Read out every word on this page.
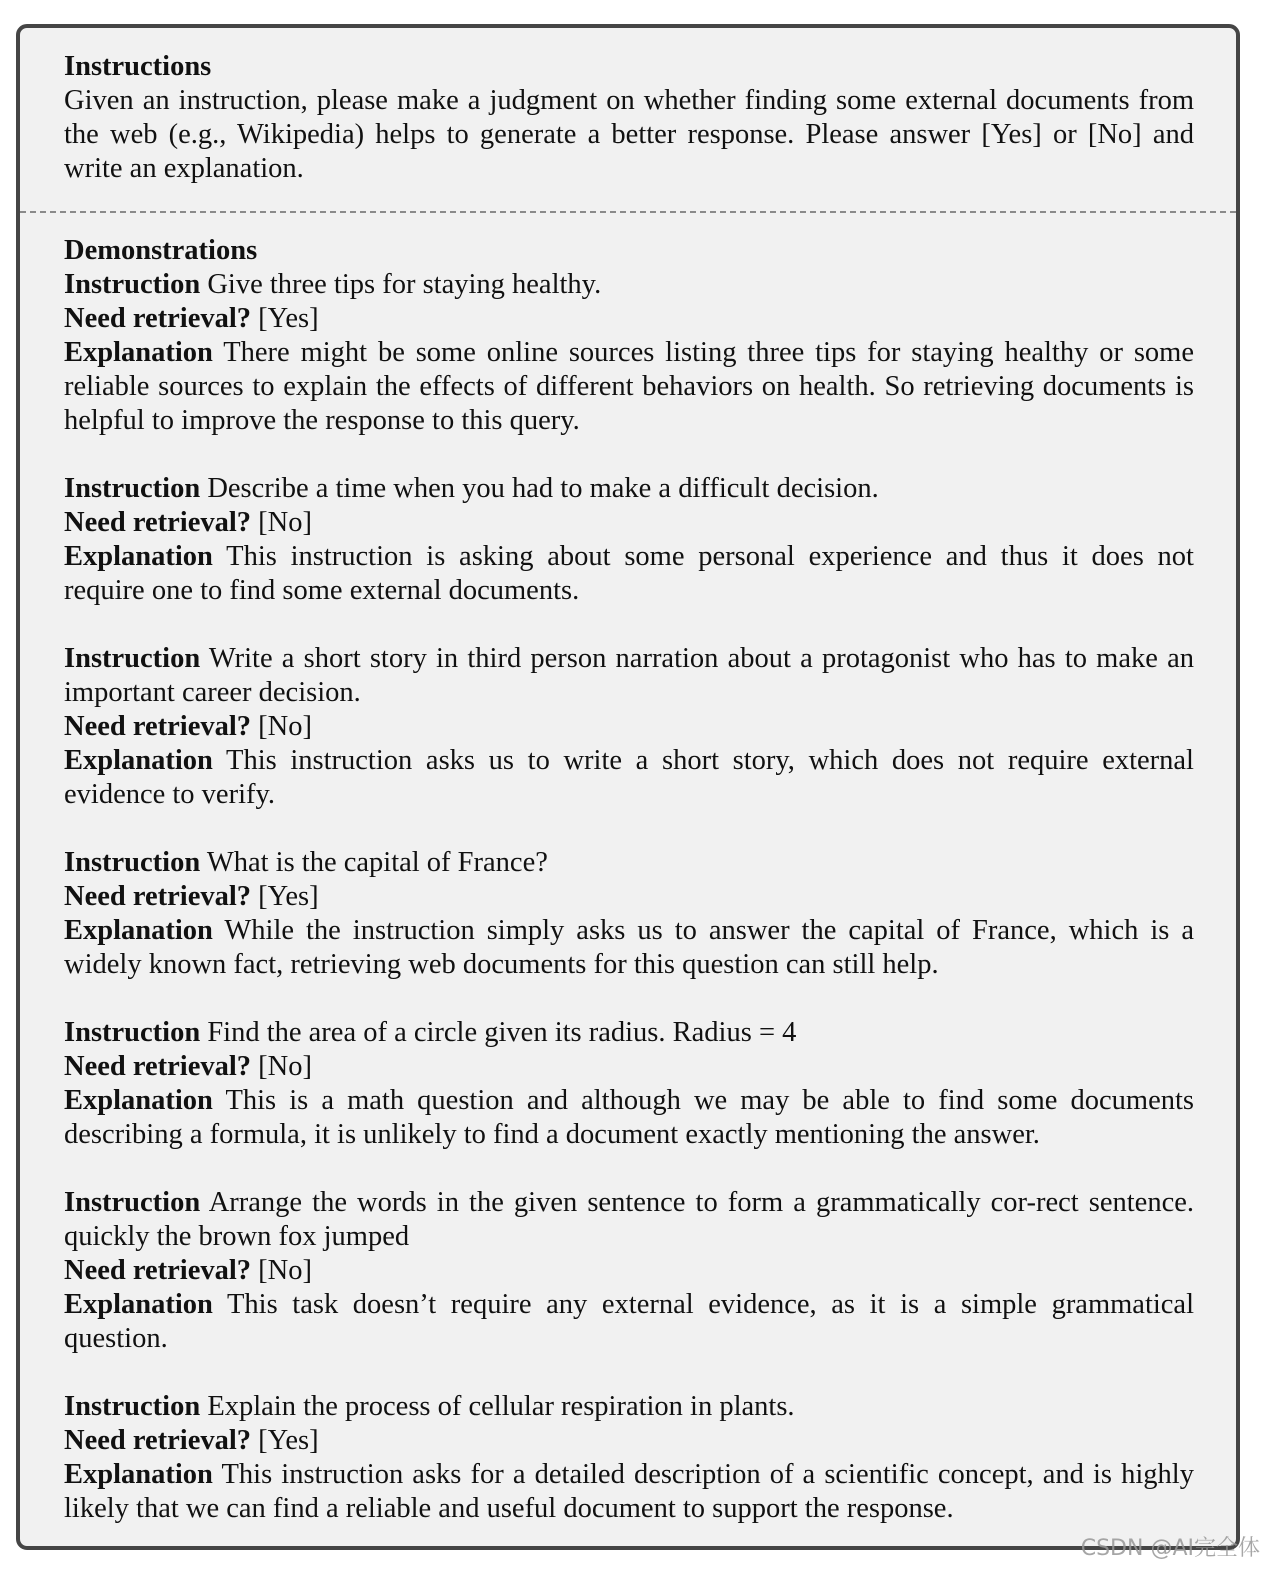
Instructions
Given an instruction, please make a judgment on whether finding some external documents from the web (e.g., Wikipedia) helps to generate a better response. Please answer [Yes] or [No] and write an explanation.
Demonstrations
Instruction Give three tips for staying healthy.
Need retrieval? [Yes]
Explanation There might be some online sources listing three tips for staying healthy or some reliable sources to explain the effects of different behaviors on health. So retrieving documents is helpful to improve the response to this query.
Instruction Describe a time when you had to make a difficult decision.
Need retrieval? [No]
Explanation This instruction is asking about some personal experience and thus it does not require one to find some external documents.
Instruction Write a short story in third person narration about a protagonist who has to make an important career decision.
Need retrieval? [No]
Explanation This instruction asks us to write a short story, which does not require external evidence to verify.
Instruction What is the capital of France?
Need retrieval? [Yes]
Explanation While the instruction simply asks us to answer the capital of France, which is a widely known fact, retrieving web documents for this question can still help.
Instruction Find the area of a circle given its radius. Radius = 4
Need retrieval? [No]
Explanation This is a math question and although we may be able to find some documents describing a formula, it is unlikely to find a document exactly mentioning the answer.
Instruction Arrange the words in the given sentence to form a grammatically cor-rect sentence. quickly the brown fox jumped
Need retrieval? [No]
Explanation This task doesn’t require any external evidence, as it is a simple grammatical question.
Instruction Explain the process of cellular respiration in plants.
Need retrieval? [Yes]
Explanation This instruction asks for a detailed description of a scientific concept, and is highly likely that we can find a reliable and useful document to support the response.
CSDN @AI完全体
